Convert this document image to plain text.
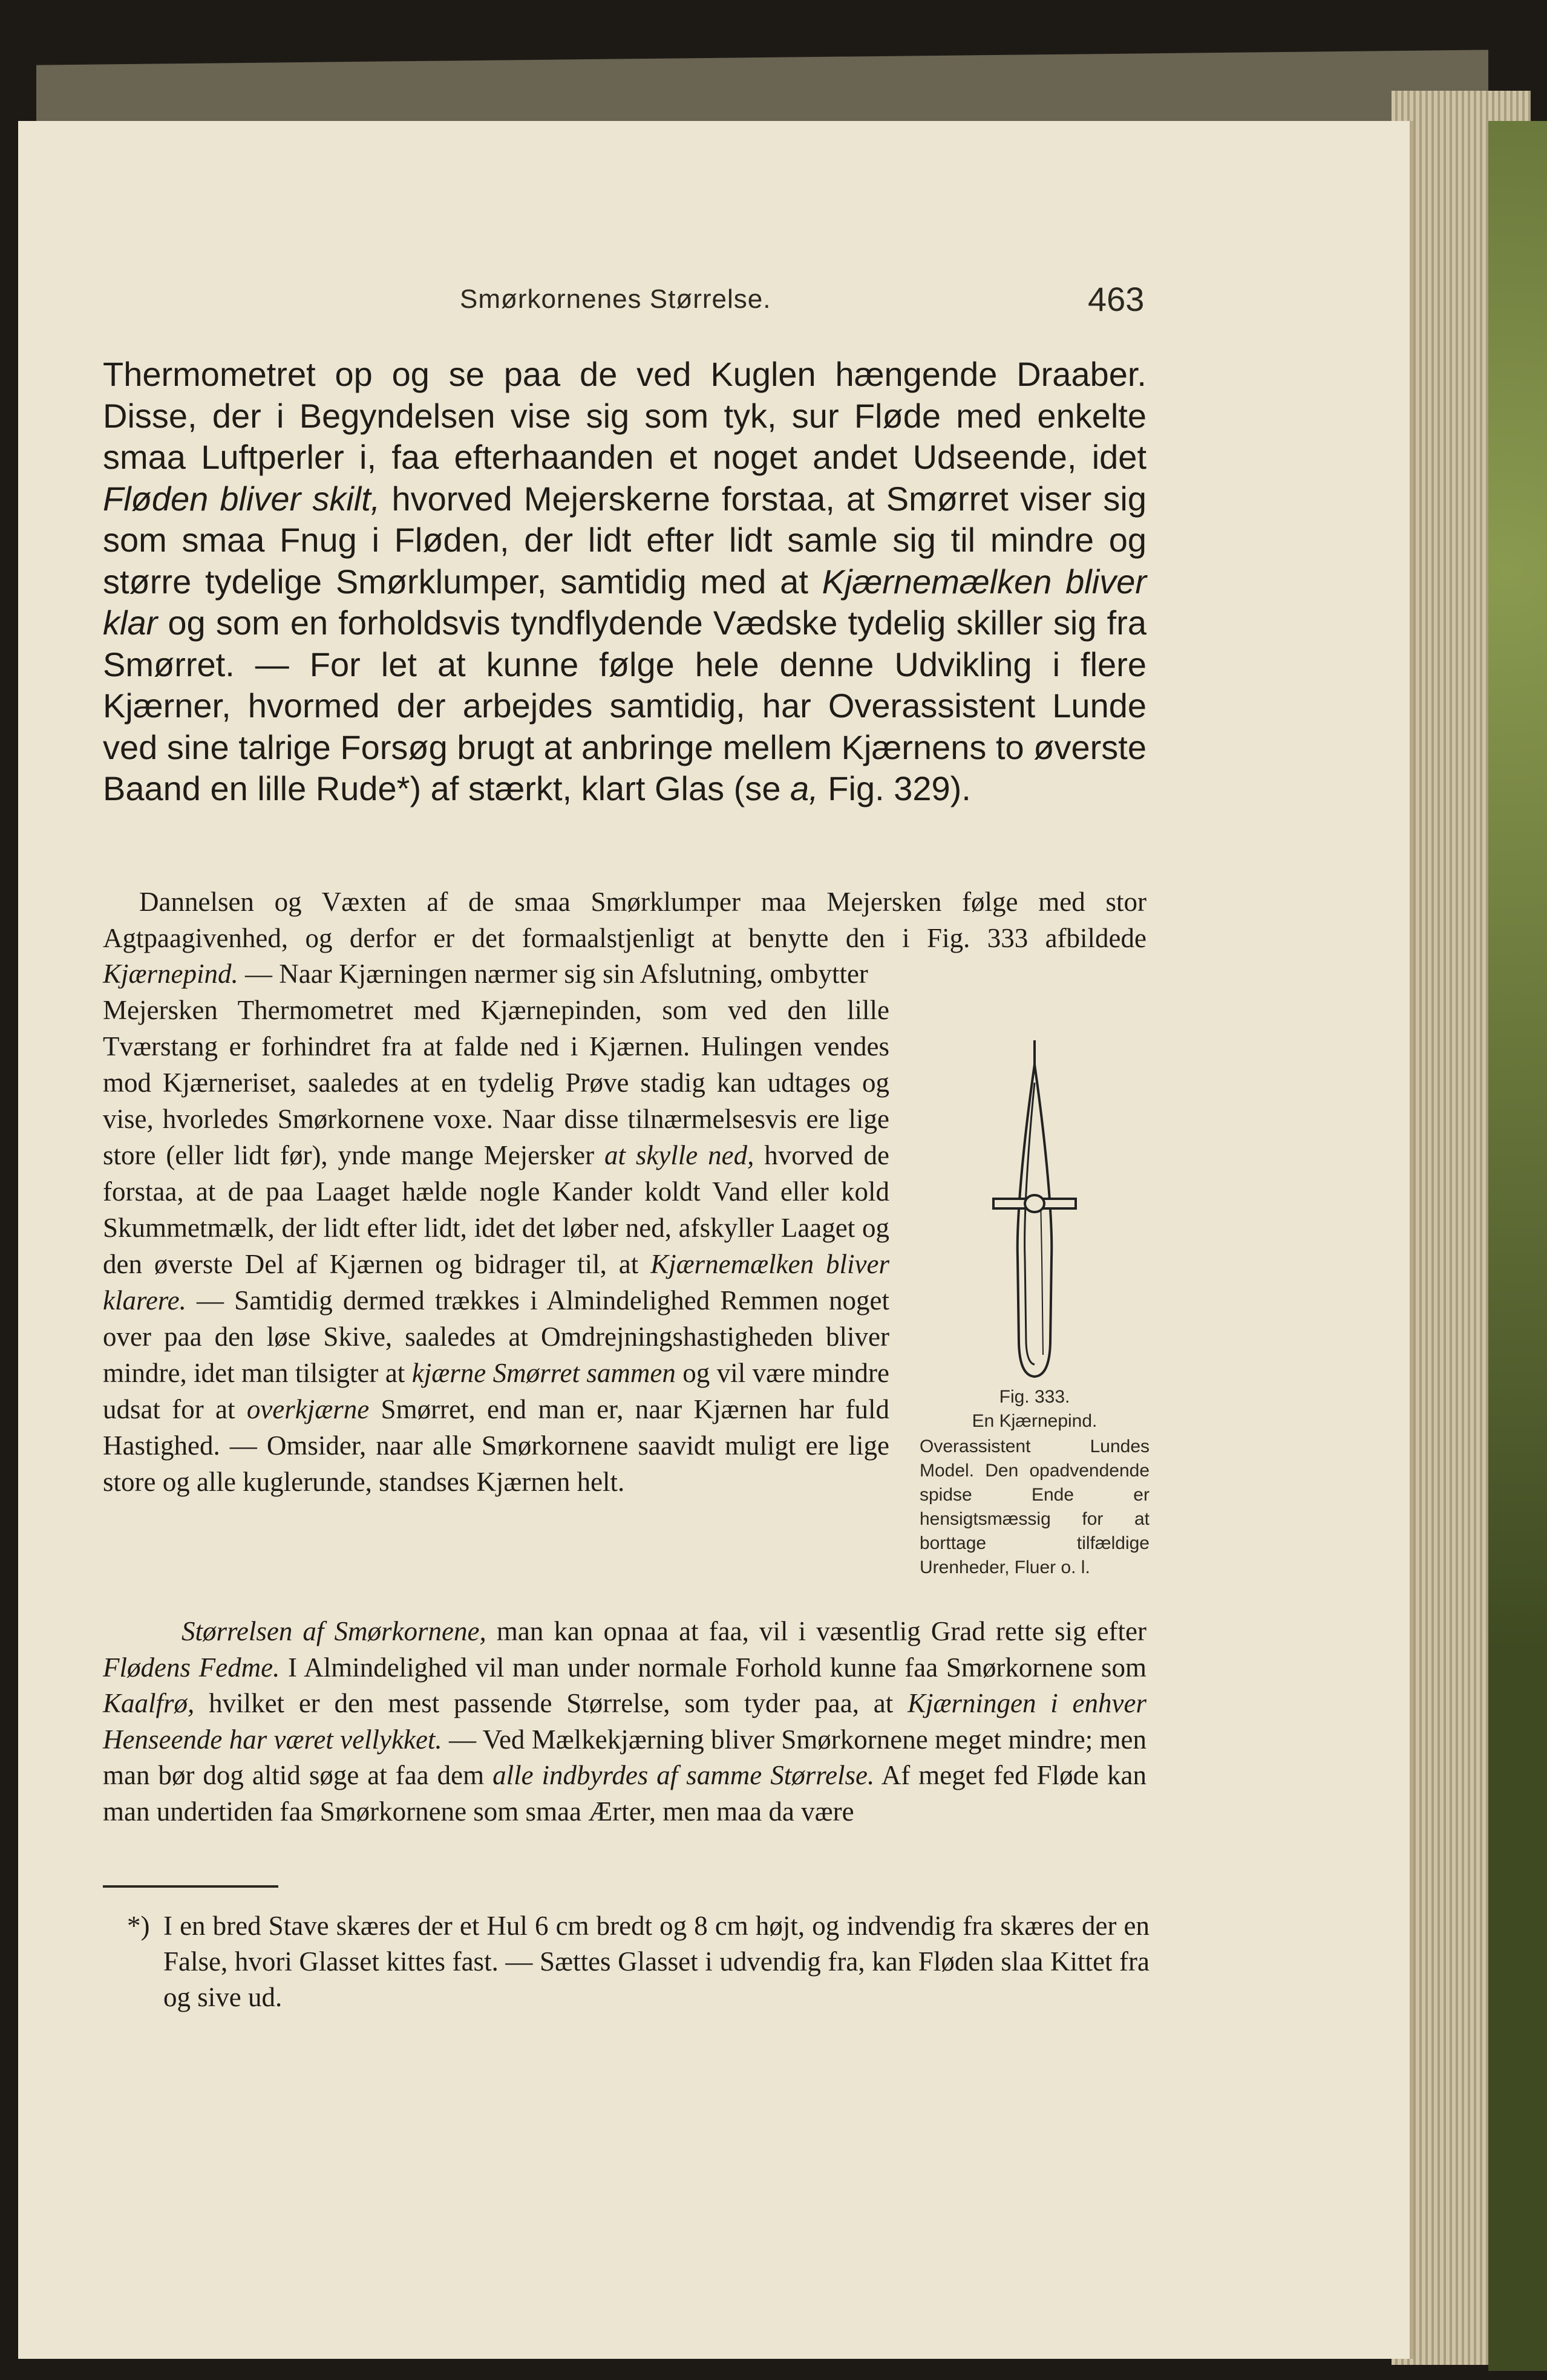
Smørkornenes Størrelse.	463
Thermometret op og se paa de ved Kuglen hængende Draaber. Disse, der i Begyndelsen vise sig som tyk, sur Fløde med enkelte smaa Luftperler i, faa efterhaanden et noget andet Udseende, idet Fløden bliver skilt, hvorved Mejerskerne forstaa, at Smørret viser sig som smaa Fnug i Fløden, der lidt efter lidt samle sig til mindre og større tydelige Smørklumper, samtidig med at Kjærnemælken bliver klar og som en forholdsvis tyndflydende Vædske tydelig skiller sig fra Smørret. — For let at kunne følge hele denne Udvikling i flere Kjærner, hvormed der arbejdes samtidig, har Overassistent Lunde ved sine talrige Forsøg brugt at anbringe mellem Kjærnens to øverste Baand en lille Rude*) af stærkt, klart Glas (se a, Fig. 329).
Dannelsen og Væxten af de smaa Smørklumper maa Mejersken følge med stor Agtpaagivenhed, og derfor er det formaalstjenligt at benytte den i Fig. 333 afbildede Kjærnepind. — Naar Kjærningen nærmer sig sin Afslutning, ombytter
Mejersken Thermometret med Kjærnepinden, som ved den lille Tværstang er forhindret fra at falde ned i Kjærnen. Hulingen vendes mod Kjærneriset, saaledes at en tydelig Prøve stadig kan udtages og vise, hvorledes Smørkornene voxe. Naar disse tilnærmelsesvis ere lige store (eller lidt før), ynde mange Mejersker at skylle ned, hvorved de forstaa, at de paa Laaget hælde nogle Kander koldt Vand eller kold Skummetmælk, der lidt efter lidt, idet det løber ned, afskyller Laaget og den øverste Del af Kjærnen og bidrager til, at Kjærnemælken bliver klarere. — Samtidig dermed trækkes i Almindelighed Remmen noget over paa den løse Skive, saaledes at Omdrejningshastigheden bliver mindre, idet man tilsigter at kjærne Smørret sammen og vil være mindre udsat for at overkjærne Smørret, end man er, naar Kjærnen har fuld Hastighed. — Omsider, naar alle Smørkornene saavidt muligt ere lige store og alle kuglerunde, standses Kjærnen helt.
Fig. 333.
En Kjærnepind.
Overassistent Lundes Model. Den opadvendende spidse Ende er hensigtsmæssig for at borttage tilfældige Urenheder, Fluer o. l.
Størrelsen af Smørkornene, man kan opnaa at faa, vil i væsentlig Grad rette sig efter Flødens Fedme. I Almindelighed vil man under normale Forhold kunne faa Smørkornene som Kaalfrø, hvilket er den mest passende Størrelse, som tyder paa, at Kjærningen i enhver Henseende har været vellykket. — Ved Mælkekjærning bliver Smørkornene meget mindre; men man bør dog altid søge at faa dem alle indbyrdes af samme Størrelse. Af meget fed Fløde kan man undertiden faa Smørkornene som smaa Ærter, men maa da være
*) I en bred Stave skæres der et Hul 6 cm bredt og 8 cm højt, og indvendig fra skæres der en False, hvori Glasset kittes fast. — Sættes Glasset i udvendig fra, kan Fløden slaa Kittet fra og sive ud.
